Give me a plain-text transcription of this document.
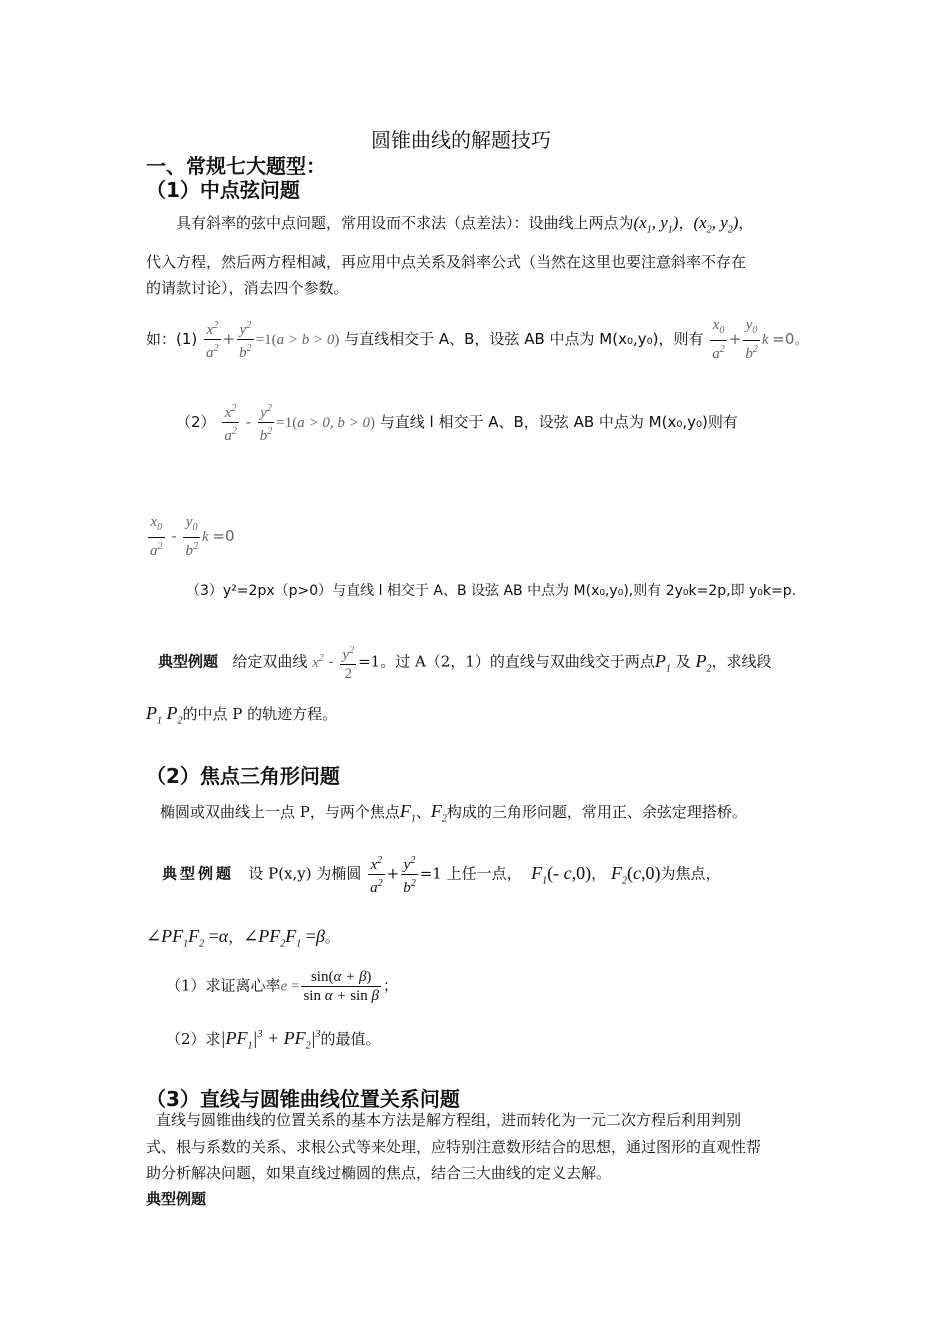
圆锥曲线的解题技巧
一、常规七大题型：
（1）中点弦问题
具有斜率的弦中点问题，常用设而不求法（点差法）：设曲线上两点为($x_1$, $y_1$)，($x_2$, $y_2$)，
代入方程，然后两方程相减，再应用中点关系及斜率公式（当然在这里也要注意斜率不存在
的请款讨论），消去四个参数。
如：$(1) \frac{x^2}{a^2} + \frac{y^2}{b^2} =1(a > b > 0)$ 与直线相交于 A、B，设弦 AB 中点为 M(x₀,y₀)，则有 $\frac{x_0}{a^2} + \frac{y_0}{b^2}$ k =0。
$(2) \frac{x^2}{a^2} - \frac{y^2}{b^2} =1(a > 0$, b > 0) 与直线 l 相交于 A、B，设弦 AB 中点为 M(x₀,y₀)则有
$\frac{x_0}{a^2} - \frac{y_0}{b^2}$ k =0
（3）y²=2px（p>0）与直线 l 相交于 A、B 设弦 AB 中点为 M(x₀,y₀),则有 2y₀k=2p,即 y₀k=p.
典型例题 给定双曲线 $x^2 - \frac{y^2}{2} =1$。过 A（2，1）的直线与双曲线交于两点$P_1$ 及 $P_2$，求线段
$P_1$ $P_2$的中点 P 的轨迹方程。
（2）焦点三角形问题
椭圆或双曲线上一点 P，与两个焦点$F_1$、$F_2$构成的三角形问题，常用正、余弦定理搭桥。
典型例题 设 P(x,y) 为椭圆 $\frac{x^2}{a^2} + \frac{y^2}{b^2} =1$ 上任一点， $F_1(-$ c,0)， $F_2(c,0)$为焦点，
$\angle PF_1F_2 =\alpha$，$\angle PF_2F_1 =\beta$。
（1）求证离心率$e = \frac{\sin(\alpha + \beta)}{\text{sin α + sin β}}$ ；
（2）求$|PF_1|^3 + PF_2|^3$的最值。
（3）直线与圆锥曲线位置关系问题
直线与圆锥曲线的位置关系的基本方法是解方程组，进而转化为一元二次方程后利用判别
式、根与系数的关系、求根公式等来处理，应特别注意数形结合的思想，通过图形的直观性帮
助分析解决问题，如果直线过椭圆的焦点，结合三大曲线的定义去解。
典型例题
